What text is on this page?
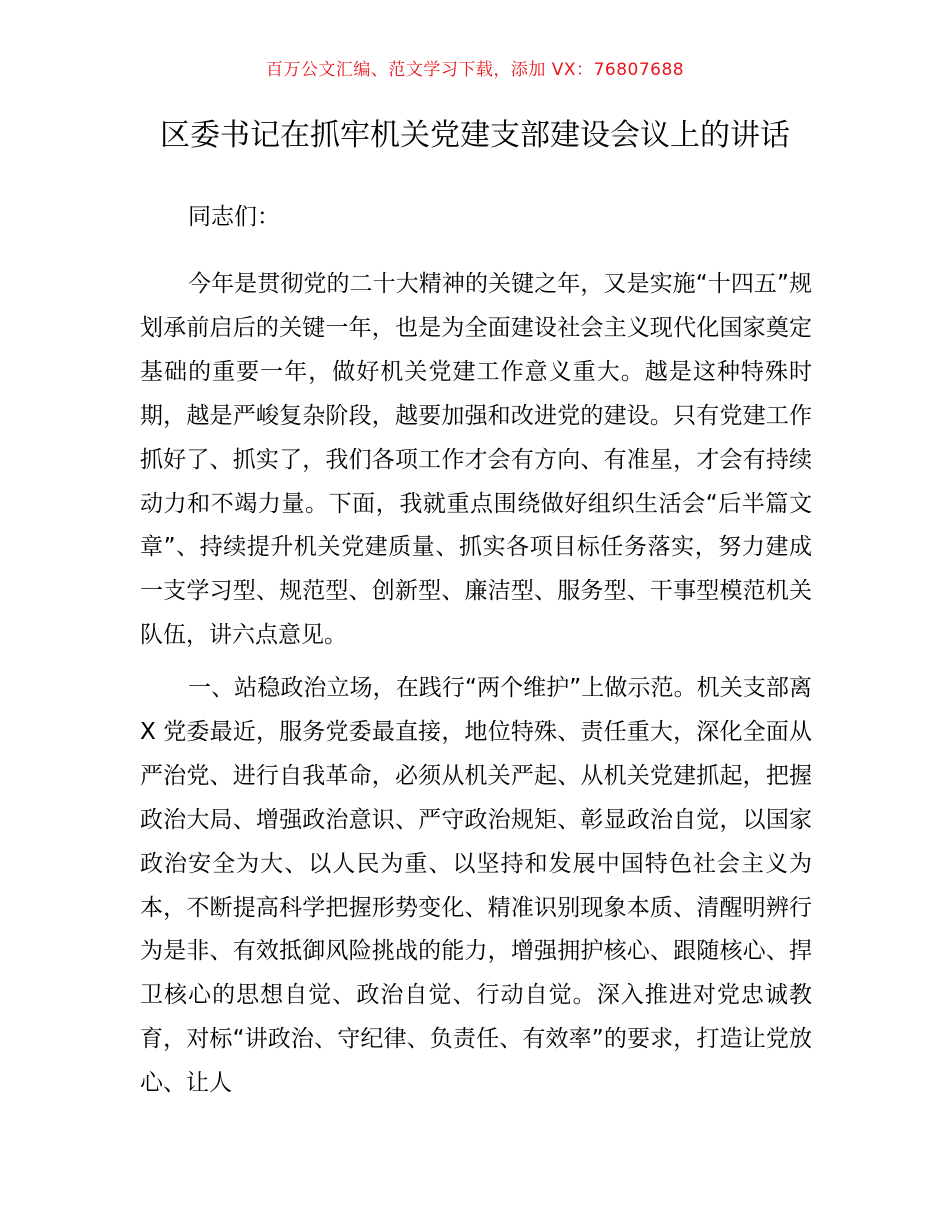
百万公文汇编、范文学习下载，添加 VX：76807688
区委书记在抓牢机关党建支部建设会议上的讲话
同志们：
今年是贯彻党的二十大精神的关键之年，又是实施“十四五”规划承前启后的关键一年，也是为全面建设社会主义现代化国家奠定基础的重要一年，做好机关党建工作意义重大。越是这种特殊时期，越是严峻复杂阶段，越要加强和改进党的建设。只有党建工作抓好了、抓实了，我们各项工作才会有方向、有准星，才会有持续动力和不竭力量。下面，我就重点围绕做好组织生活会“后半篇文章”、持续提升机关党建质量、抓实各项目标任务落实，努力建成一支学习型、规范型、创新型、廉洁型、服务型、干事型模范机关队伍，讲六点意见。
一、站稳政治立场，在践行“两个维护”上做示范。机关支部离 X 党委最近，服务党委最直接，地位特殊、责任重大，深化全面从严治党、进行自我革命，必须从机关严起、从机关党建抓起，把握政治大局、增强政治意识、严守政治规矩、彰显政治自觉，以国家政治安全为大、以人民为重、以坚持和发展中国特色社会主义为本，不断提高科学把握形势变化、精准识别现象本质、清醒明辨行为是非、有效抵御风险挑战的能力，增强拥护核心、跟随核心、捍卫核心的思想自觉、政治自觉、行动自觉。深入推进对党忠诚教育，对标“讲政治、守纪律、负责任、有效率”的要求，打造让党放心、让人
